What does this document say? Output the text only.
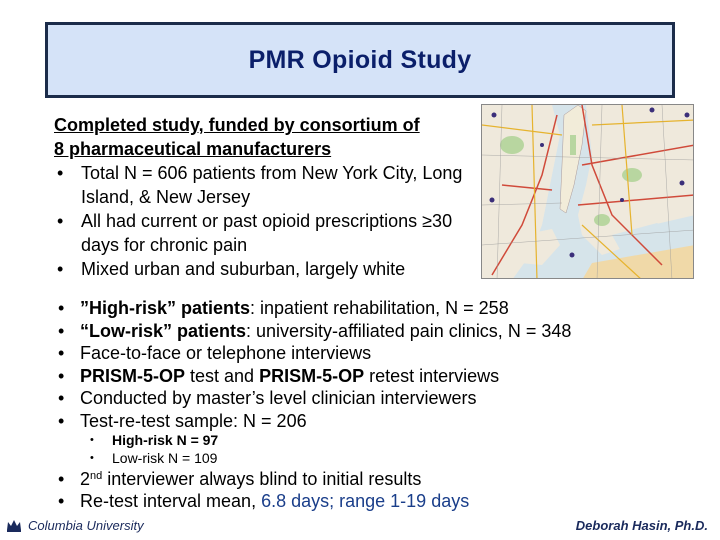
PMR Opioid Study
Completed study, funded by consortium of
8 pharmaceutical manufacturers
• Total N = 606 patients from New York City, Long Island, & New Jersey
• All had current or past opioid prescriptions ≥30 days for chronic pain
• Mixed urban and suburban, largely white
• ”High-risk” patients: inpatient rehabilitation, N = 258
• “Low-risk” patients: university-affiliated pain clinics, N = 348
• Face-to-face or telephone interviews
• PRISM-5-OP test and PRISM-5-OP retest interviews
• Conducted by master’s level clinician interviewers
• Test-re-test sample: N = 206
• High-risk N = 97
• Low-risk N = 109
• 2nd interviewer always blind to initial results
• Re-test interval mean, 6.8 days; range 1-19 days
Columbia University	Deborah Hasin, Ph.D.
